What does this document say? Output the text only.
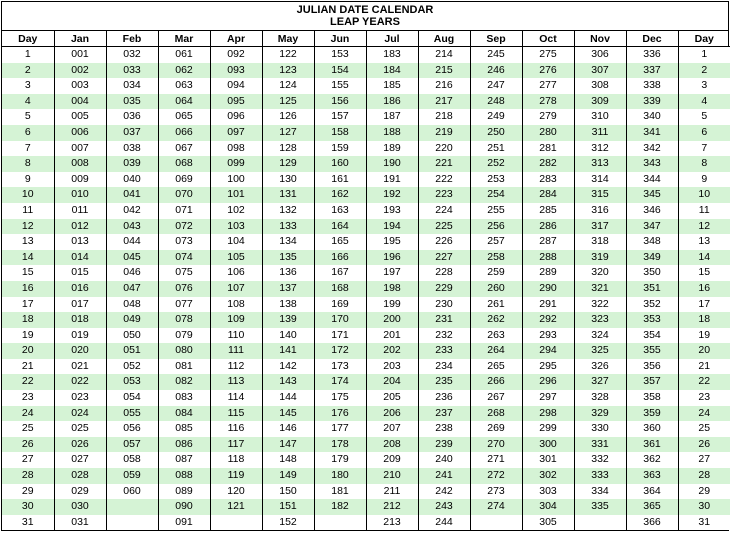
JULIAN DATE CALENDAR
LEAP YEARS
Day	Jan	Feb	Mar	Apr	May	Jun	Jul	Aug	Sep	Oct	Nov	Dec	Day
1	001	032	061	092	122	153	183	214	245	275	306	336	1
2	002	033	062	093	123	154	184	215	246	276	307	337	2
3	003	034	063	094	124	155	185	216	247	277	308	338	3
4	004	035	064	095	125	156	186	217	248	278	309	339	4
5	005	036	065	096	126	157	187	218	249	279	310	340	5
6	006	037	066	097	127	158	188	219	250	280	311	341	6
7	007	038	067	098	128	159	189	220	251	281	312	342	7
8	008	039	068	099	129	160	190	221	252	282	313	343	8
9	009	040	069	100	130	161	191	222	253	283	314	344	9
10	010	041	070	101	131	162	192	223	254	284	315	345	10
11	011	042	071	102	132	163	193	224	255	285	316	346	11
12	012	043	072	103	133	164	194	225	256	286	317	347	12
13	013	044	073	104	134	165	195	226	257	287	318	348	13
14	014	045	074	105	135	166	196	227	258	288	319	349	14
15	015	046	075	106	136	167	197	228	259	289	320	350	15
16	016	047	076	107	137	168	198	229	260	290	321	351	16
17	017	048	077	108	138	169	199	230	261	291	322	352	17
18	018	049	078	109	139	170	200	231	262	292	323	353	18
19	019	050	079	110	140	171	201	232	263	293	324	354	19
20	020	051	080	111	141	172	202	233	264	294	325	355	20
21	021	052	081	112	142	173	203	234	265	295	326	356	21
22	022	053	082	113	143	174	204	235	266	296	327	357	22
23	023	054	083	114	144	175	205	236	267	297	328	358	23
24	024	055	084	115	145	176	206	237	268	298	329	359	24
25	025	056	085	116	146	177	207	238	269	299	330	360	25
26	026	057	086	117	147	178	208	239	270	300	331	361	26
27	027	058	087	118	148	179	209	240	271	301	332	362	27
28	028	059	088	119	149	180	210	241	272	302	333	363	28
29	029	060	089	120	150	181	211	242	273	303	334	364	29
30	030		090	121	151	182	212	243	274	304	335	365	30
31	031		091		152		213	244		305		366	31
